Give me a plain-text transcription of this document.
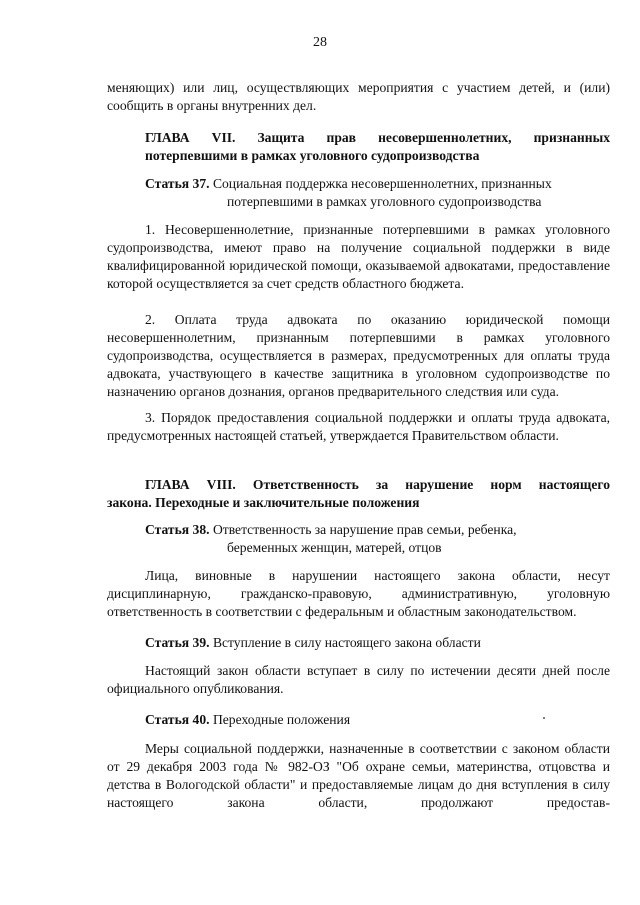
28
меняющих) или лиц, осуществляющих мероприятия с участием детей, и (или) сообщить в органы внутренних дел.
ГЛАВА VII. Защита прав несовершеннолетних, признанных
потерпевшими в рамках уголовного судопроизводства
Статья 37. Социальная поддержка несовершеннолетних, признанных
потерпевшими в рамках уголовного судопроизводства
1. Несовершеннолетние, признанные потерпевшими в рамках уголовного судопроизводства, имеют право на получение социальной поддержки в виде квалифицированной юридической помощи, оказываемой адвокатами, предоставление которой осуществляется за счет средств областного бюджета.
2. Оплата труда адвоката по оказанию юридической помощи несовершеннолетним, признанным потерпевшими в рамках уголовного судопроизводства, осуществляется в размерах, предусмотренных для оплаты труда адвоката, участвующего в качестве защитника в уголовном судопроизводстве по назначению органов дознания, органов предварительного следствия или суда.
3. Порядок предоставления социальной поддержки и оплаты труда адвоката, предусмотренных настоящей статьей, утверждается Правительством области.
ГЛАВА VIII. Ответственность за нарушение норм настоящего
закона. Переходные и заключительные положения
Статья 38. Ответственность за нарушение прав семьи, ребенка,
беременных женщин, матерей, отцов
Лица, виновные в нарушении настоящего закона области, несут дисциплинарную, гражданско-правовую, административную, уголовную ответственность в соответствии с федеральным и областным законодательством.
Статья 39. Вступление в силу настоящего закона области
Настоящий закон области вступает в силу по истечении десяти дней после официального опубликования.
Статья 40. Переходные положения
Меры социальной поддержки, назначенные в соответствии с законом области от 29 декабря 2003 года № 982-ОЗ "Об охране семьи, материнства, отцовства и детства в Вологодской области" и предоставляемые лицам до дня вступления в силу настоящего закона области, продолжают предостав-
